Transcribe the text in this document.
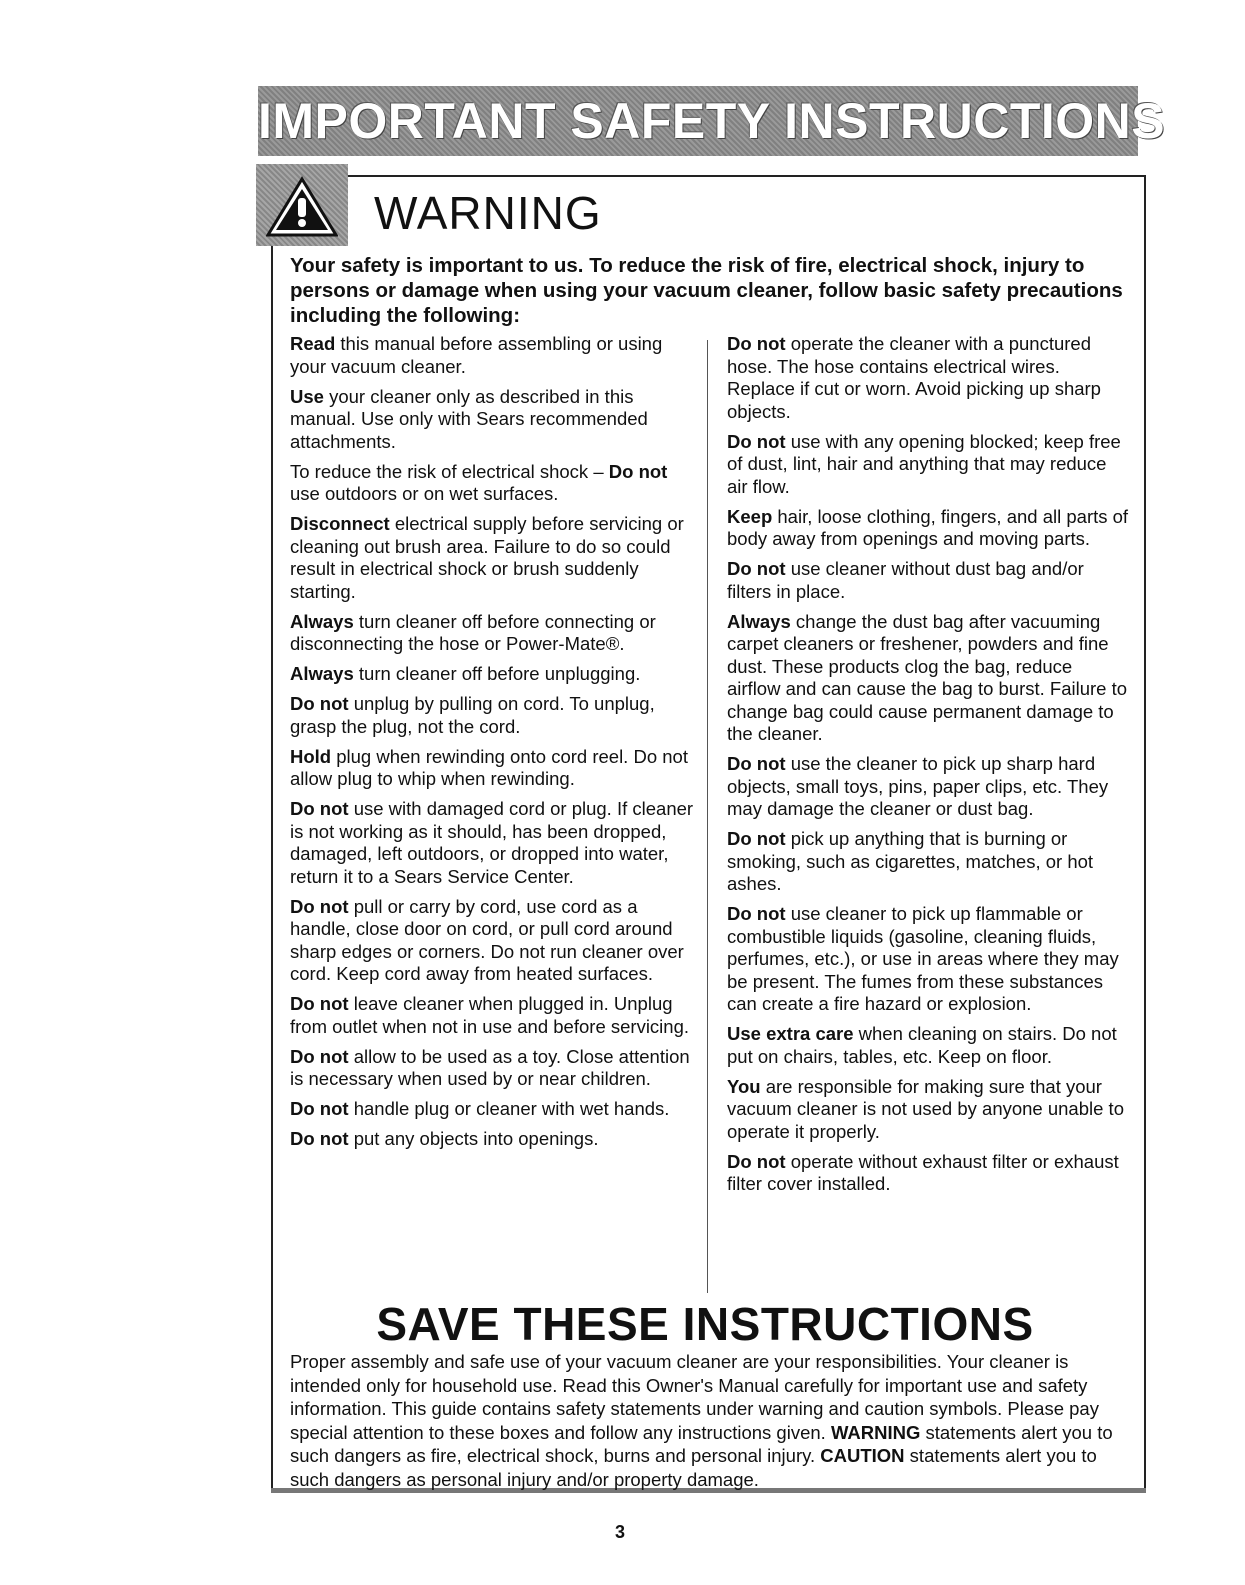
IMPORTANT SAFETY INSTRUCTIONS
WARNING
Your safety is important to us. To reduce the risk of fire, electrical shock, injury to persons or damage when using your vacuum cleaner, follow basic safety precautions including the following:

Read this manual before assembling or using your vacuum cleaner.

Use your cleaner only as described in this manual. Use only with Sears recommended attachments.

To reduce the risk of electrical shock – Do not use outdoors or on wet surfaces.

Disconnect electrical supply before servicing or cleaning out brush area. Failure to do so could result in electrical shock or brush suddenly starting.

Always turn cleaner off before connecting or disconnecting the hose or Power-Mate®.

Always turn cleaner off before unplugging.

Do not unplug by pulling on cord. To unplug, grasp the plug, not the cord.

Hold plug when rewinding onto cord reel. Do not allow plug to whip when rewinding.

Do not use with damaged cord or plug. If cleaner is not working as it should, has been dropped, damaged, left outdoors, or dropped into water, return it to a Sears Service Center.

Do not pull or carry by cord, use cord as a handle, close door on cord, or pull cord around sharp edges or corners. Do not run cleaner over cord. Keep cord away from heated surfaces.

Do not leave cleaner when plugged in. Unplug from outlet when not in use and before servicing.

Do not allow to be used as a toy. Close attention is necessary when used by or near children.

Do not handle plug or cleaner with wet hands.

Do not put any objects into openings.

Do not operate the cleaner with a punctured hose. The hose contains electrical wires. Replace if cut or worn. Avoid picking up sharp objects.

Do not use with any opening blocked; keep free of dust, lint, hair and anything that may reduce air flow.

Keep hair, loose clothing, fingers, and all parts of body away from openings and moving parts.

Do not use cleaner without dust bag and/or filters in place.

Always change the dust bag after vacuuming carpet cleaners or freshener, powders and fine dust. These products clog the bag, reduce airflow and can cause the bag to burst. Failure to change bag could cause permanent damage to the cleaner.

Do not use the cleaner to pick up sharp hard objects, small toys, pins, paper clips, etc. They may damage the cleaner or dust bag.

Do not pick up anything that is burning or smoking, such as cigarettes, matches, or hot ashes.

Do not use cleaner to pick up flammable or combustible liquids (gasoline, cleaning fluids, perfumes, etc.), or use in areas where they may be present. The fumes from these substances can create a fire hazard or explosion.

Use extra care when cleaning on stairs. Do not put on chairs, tables, etc. Keep on floor.

You are responsible for making sure that your vacuum cleaner is not used by anyone unable to operate it properly.

Do not operate without exhaust filter or exhaust filter cover installed.

SAVE THESE INSTRUCTIONS
Proper assembly and safe use of your vacuum cleaner are your responsibilities. Your cleaner is intended only for household use. Read this Owner's Manual carefully for important use and safety information. This guide contains safety statements under warning and caution symbols. Please pay special attention to these boxes and follow any instructions given. WARNING statements alert you to such dangers as fire, electrical shock, burns and personal injury. CAUTION statements alert you to such dangers as personal injury and/or property damage.
3
